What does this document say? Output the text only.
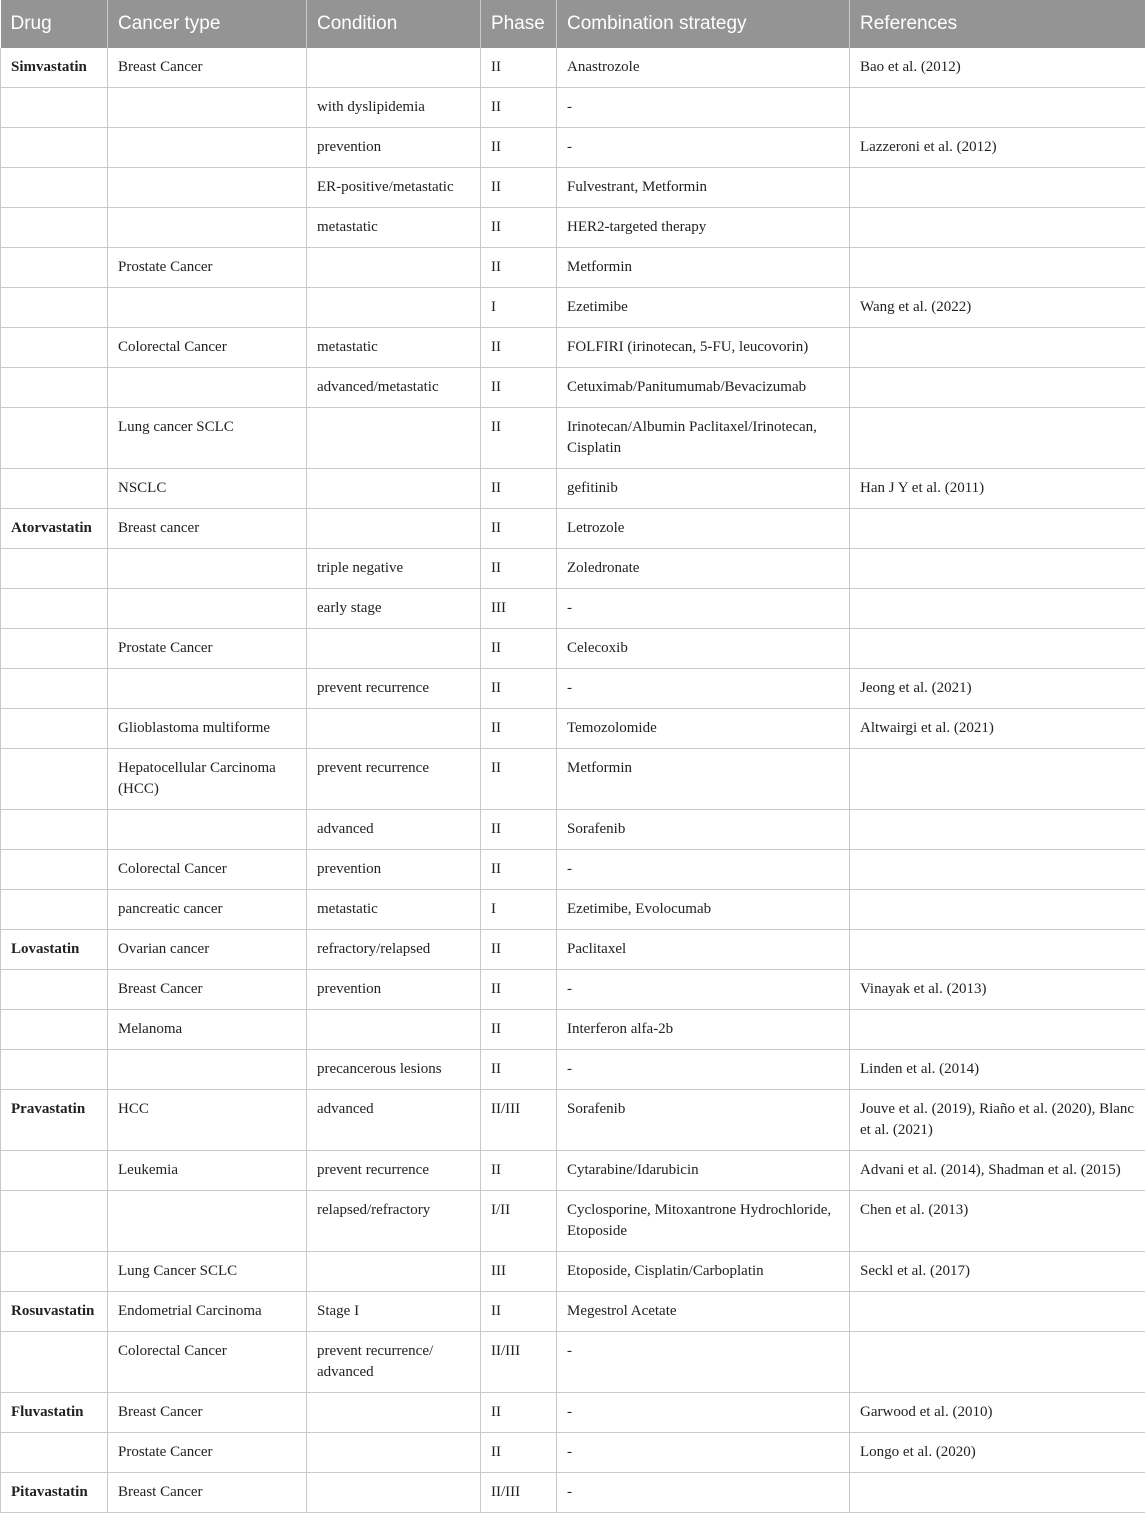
Drug	Cancer type	Condition	Phase	Combination strategy	References
Simvastatin	Breast Cancer		II	Anastrozole	Bao et al. (2012)
		with dyslipidemia	II	-	
		prevention	II	-	Lazzeroni et al. (2012)
		ER-positive/metastatic	II	Fulvestrant, Metformin	
		metastatic	II	HER2-targeted therapy	
	Prostate Cancer		II	Metformin	
			I	Ezetimibe	Wang et al. (2022)
	Colorectal Cancer	metastatic	II	FOLFIRI (irinotecan, 5-FU, leucovorin)	
		advanced/metastatic	II	Cetuximab/Panitumumab/Bevacizumab	
	Lung cancer SCLC		II	Irinotecan/Albumin Paclitaxel/Irinotecan, Cisplatin	
	NSCLC		II	gefitinib	Han J Y et al. (2011)
Atorvastatin	Breast cancer		II	Letrozole	
		triple negative	II	Zoledronate	
		early stage	III	-	
	Prostate Cancer		II	Celecoxib	
		prevent recurrence	II	-	Jeong et al. (2021)
	Glioblastoma multiforme		II	Temozolomide	Altwairgi et al. (2021)
	Hepatocellular Carcinoma (HCC)	prevent recurrence	II	Metformin	
		advanced	II	Sorafenib	
	Colorectal Cancer	prevention	II	-	
	pancreatic cancer	metastatic	I	Ezetimibe, Evolocumab	
Lovastatin	Ovarian cancer	refractory/relapsed	II	Paclitaxel	
	Breast Cancer	prevention	II	-	Vinayak et al. (2013)
	Melanoma		II	Interferon alfa-2b	
		precancerous lesions	II	-	Linden et al. (2014)
Pravastatin	HCC	advanced	II/III	Sorafenib	Jouve et al. (2019), Riaño et al. (2020), Blanc et al. (2021)
	Leukemia	prevent recurrence	II	Cytarabine/Idarubicin	Advani et al. (2014), Shadman et al. (2015)
		relapsed/refractory	I/II	Cyclosporine, Mitoxantrone Hydrochloride, Etoposide	Chen et al. (2013)
	Lung Cancer SCLC		III	Etoposide, Cisplatin/Carboplatin	Seckl et al. (2017)
Rosuvastatin	Endometrial Carcinoma	Stage I	II	Megestrol Acetate	
	Colorectal Cancer	prevent recurrence/ advanced	II/III	-	
Fluvastatin	Breast Cancer		II	-	Garwood et al. (2010)
	Prostate Cancer		II	-	Longo et al. (2020)
Pitavastatin	Breast Cancer		II/III	-	
